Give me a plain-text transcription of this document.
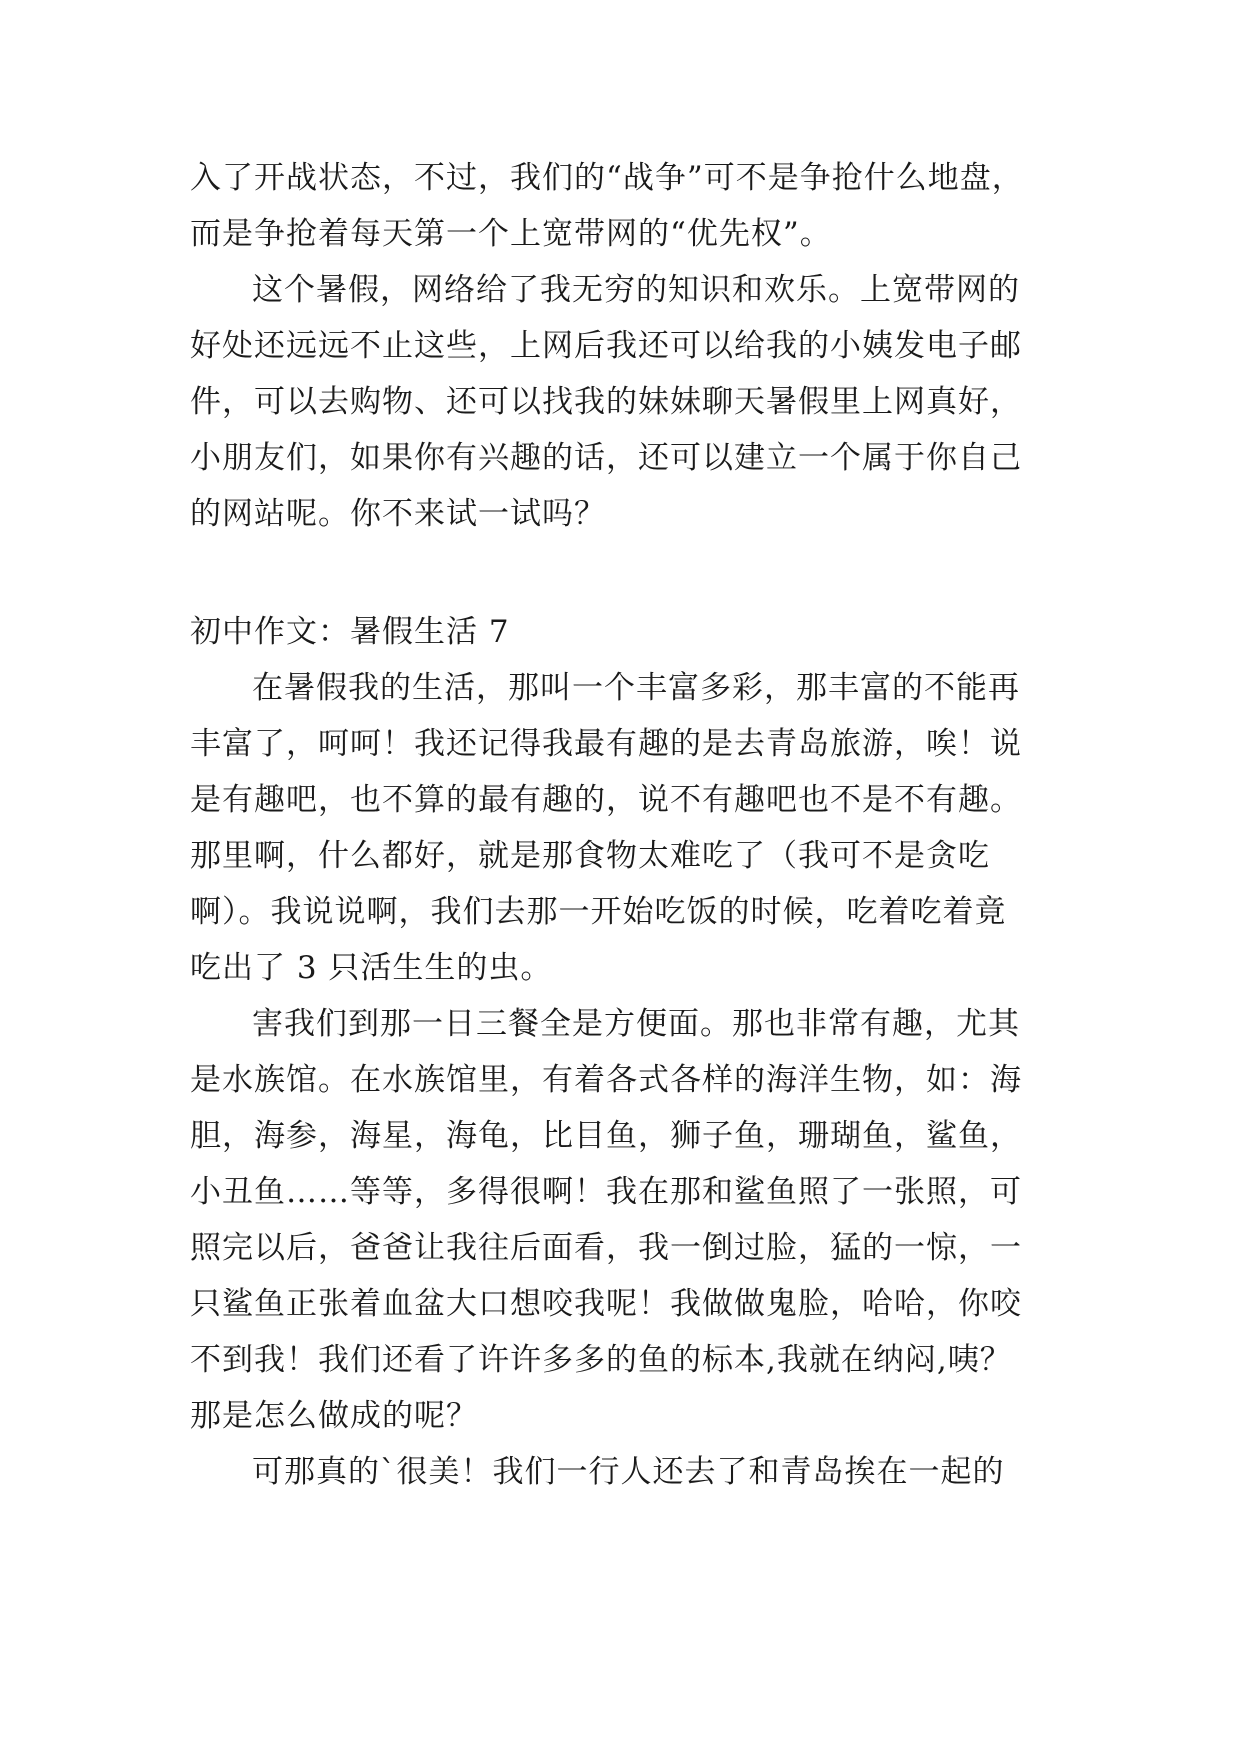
入了开战状态，不过，我们的“战争”可不是争抢什么地盘，
而是争抢着每天第一个上宽带网的“优先权”。
这个暑假，网络给了我无穷的知识和欢乐。上宽带网的
好处还远远不止这些，上网后我还可以给我的小姨发电子邮
件，可以去购物、还可以找我的妹妹聊天暑假里上网真好，
小朋友们，如果你有兴趣的话，还可以建立一个属于你自己
的网站呢。你不来试一试吗？
初中作文：暑假生活 7
在暑假我的生活，那叫一个丰富多彩，那丰富的不能再
丰富了，呵呵！我还记得我最有趣的是去青岛旅游，唉！说
是有趣吧，也不算的最有趣的，说不有趣吧也不是不有趣。
那里啊，什么都好，就是那食物太难吃了（我可不是贪吃
啊）。我说说啊，我们去那一开始吃饭的时候，吃着吃着竟
吃出了 3 只活生生的虫。
害我们到那一日三餐全是方便面。那也非常有趣，尤其
是水族馆。在水族馆里，有着各式各样的海洋生物，如：海
胆，海参，海星，海龟，比目鱼，狮子鱼，珊瑚鱼，鲨鱼，
小丑鱼……等等，多得很啊！我在那和鲨鱼照了一张照，可
照完以后，爸爸让我往后面看，我一倒过脸，猛的一惊，一
只鲨鱼正张着血盆大口想咬我呢！我做做鬼脸，哈哈，你咬
不到我！我们还看了许许多多的鱼的标本,我就在纳闷,咦？
那是怎么做成的呢？
可那真的`很美！我们一行人还去了和青岛挨在一起的
